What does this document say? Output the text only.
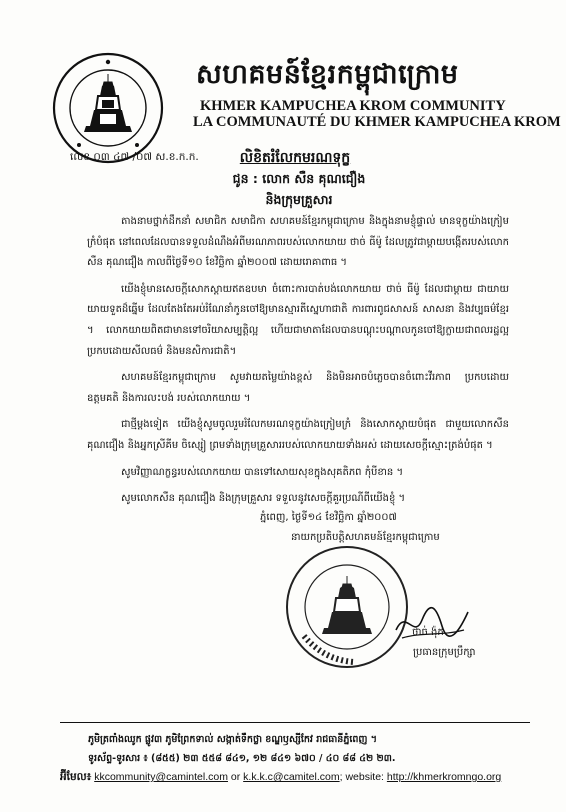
សហគមន៍ខ្មែរកម្ពុជាក្រោម
KHMER KAMPUCHEA KROM COMMUNITY
LA COMMUNAUTÉ DU KHMER KAMPUCHEA KROM
លេខ ០៣ ៤៧ /០៧ ស.ខ.ក.ក.	លិខិតរំលែកមរណទុក្ខ
ជូន : លោក សឺន គុណជឿង
និងក្រុមគ្រួសារ

តាងនាមថ្នាក់ដឹកនាំ សមាជិក សមាជិកា សហគមន៍ខ្មែរកម្ពុជាក្រោម និងក្នុងនាមខ្ញុំផ្ទាល់ មានទុក្ខយ៉ាងក្រៀមក្រំបំផុត នៅពេលដែលបានទទួលដំណឹងអំពីមរណភាពរបស់លោកយាយ ថាច់ ធីម៉ូ ដែលត្រូវជាម្ដាយបង្កើតរបស់លោក សឺន គុណជឿង កាលពីថ្ងៃទី១០ ខែវិច្ឆិកា ឆ្នាំ២០០៧ ដោយរោគាពាធ ។

យើងខ្ញុំមានសេចក្ដីសោកស្ដាយឥតឧបមា ចំពោះការបាត់បង់លោកយាយ ថាច់ ធីម៉ូ ដែលជាម្ដាយ ជាយាយ យាយទួតដ៏ឆ្នើម ដែលតែងតែអប់រំណែនាំកូនចៅឱ្យមានស្មារតីស្នេហាជាតិ ការពារពូជសាសន៍ សាសនា និងវប្បធម៌ខ្មែរ ។ លោកយាយពិតជាមានទៅចរិយាសម្បត្តិល្អ ហើយជាមាតាដែលបានបណ្ដុះបណ្ដាលកូនចៅឱ្យក្លាយជាពលរដ្ឋល្អ ប្រកបដោយសីលធម៌ និងមនសិការជាតិ។

សហគមន៍ខ្មែរកម្ពុជាក្រោម សូមវាយតម្លៃយ៉ាងខ្ពស់ និងមិនអាចបំភ្លេចបានចំពោះវីរភាព ប្រកបដោយឧត្ដមគតិ និងការលះបង់ របស់លោកយាយ ។

ជាថ្មីម្ដងទៀត យើងខ្ញុំសូមចូលរួមរំលែកមរណទុក្ខយ៉ាងក្រៀមក្រំ និងសោកស្ដាយបំផុត ជាមួយលោកសឺន គុណជឿង និងអ្នកស្រីគីម ចិស្សៀ ព្រមទាំងក្រុមគ្រួសាររបស់លោកយាយទាំងអស់ ដោយសេចក្ដីស្មោះត្រង់បំផុត ។

សូមវិញ្ញាណក្ខន្ធរបស់លោកយាយ បានទៅសោយសុខក្នុងសុគតិភព កុំបីខាន ។

សូមលោកសឺន គុណជឿង និងក្រុមគ្រួសារ ទទួលនូវសេចក្ដីគួរប្រណីពីយើងខ្ញុំ ។

ភ្នំពេញ, ថ្ងៃទី១៤ ខែវិច្ឆិកា ឆ្នាំ២០០៧
នាយកប្រតិបត្តិសហគមន៍ខ្មែរកម្ពុជាក្រោម
ថាច់ ង៉ុក
ប្រធានក្រុមប្រឹក្សា
ភូមិត្រពាំងឈូក ផ្លូវ៣ ភូមិព្រែកទាល់ សង្កាត់ទឹកថ្លា ខណ្ឌឫស្សីកែវ រាជធានីភ្នំពេញ ។
ទូរស័ព្ទ-ទូរសារ ៖ (៨៥៥) ២៣ ៥៥៨ ៨៤១, ១២ ៨៤១ ៦៧០ / ៤០ ៨៨ ៤២ ២៣.
អ៊ីមែល៖ kkcommunity@camintel.com or k.k.k.c@camitel.com; website: http://khmerkromngo.org
